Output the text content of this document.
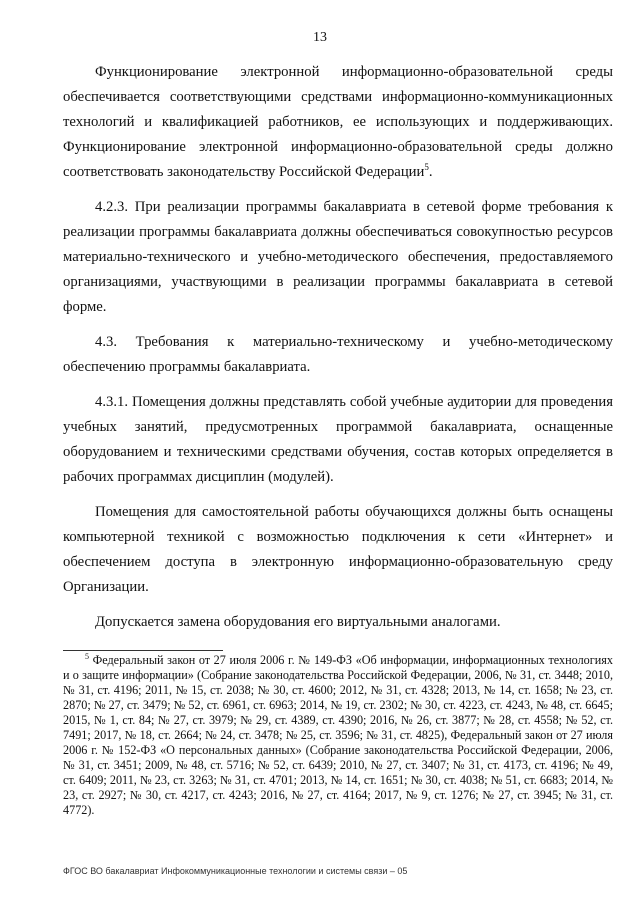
13

Функционирование электронной информационно-образовательной среды обеспечивается соответствующими средствами информационно-коммуникационных технологий и квалификацией работников, ее использующих и поддерживающих. Функционирование электронной информационно-образовательной среды должно соответствовать законодательству Российской Федерации$^5$.

4.2.3. При реализации программы бакалавриата в сетевой форме требования к реализации программы бакалавриата должны обеспечиваться совокупностью ресурсов материально-технического и учебно-методического обеспечения, предоставляемого организациями, участвующими в реализации программы бакалавриата в сетевой форме.

4.3. Требования к материально-техническому и учебно-методическому обеспечению программы бакалавриата.

4.3.1. Помещения должны представлять собой учебные аудитории для проведения учебных занятий, предусмотренных программой бакалавриата, оснащенные оборудованием и техническими средствами обучения, состав которых определяется в рабочих программах дисциплин (модулей).

Помещения для самостоятельной работы обучающихся должны быть оснащены компьютерной техникой с возможностью подключения к сети «Интернет» и обеспечением доступа в электронную информационно-образовательную среду Организации.

Допускается замена оборудования его виртуальными аналогами.

$^5$ Федеральный закон от 27 июля 2006 г. № 149-ФЗ «Об информации, информационных технологиях и о защите информации» (Собрание законодательства Российской Федерации, 2006, № 31, ст. 3448; 2010, № 31, ст. 4196; 2011, № 15, ст. 2038; № 30, ст. 4600; 2012, № 31, ст. 4328; 2013, № 14, ст. 1658; № 23, ст. 2870; № 27, ст. 3479; № 52, ст. 6961, ст. 6963; 2014, № 19, ст. 2302; № 30, ст. 4223, ст. 4243, № 48, ст. 6645; 2015, № 1, ст. 84; № 27, ст. 3979; № 29, ст. 4389, ст. 4390; 2016, № 26, ст. 3877; № 28, ст. 4558; № 52, ст. 7491; 2017, № 18, ст. 2664; № 24, ст. 3478; № 25, ст. 3596; № 31, ст. 4825), Федеральный закон от 27 июля 2006 г. № 152-ФЗ «О персональных данных» (Собрание законодательства Российской Федерации, 2006, № 31, ст. 3451; 2009, № 48, ст. 5716; № 52, ст. 6439; 2010, № 27, ст. 3407; № 31, ст. 4173, ст. 4196; № 49, ст. 6409; 2011, № 23, ст. 3263; № 31, ст. 4701; 2013, № 14, ст. 1651; № 30, ст. 4038; № 51, ст. 6683; 2014, № 23, ст. 2927; № 30, ст. 4217, ст. 4243; 2016, № 27, ст. 4164; 2017, № 9, ст. 1276; № 27, ст. 3945; № 31, ст. 4772).

ФГОС ВО бакалавриат Инфокоммуникационные технологии и системы связи – 05
